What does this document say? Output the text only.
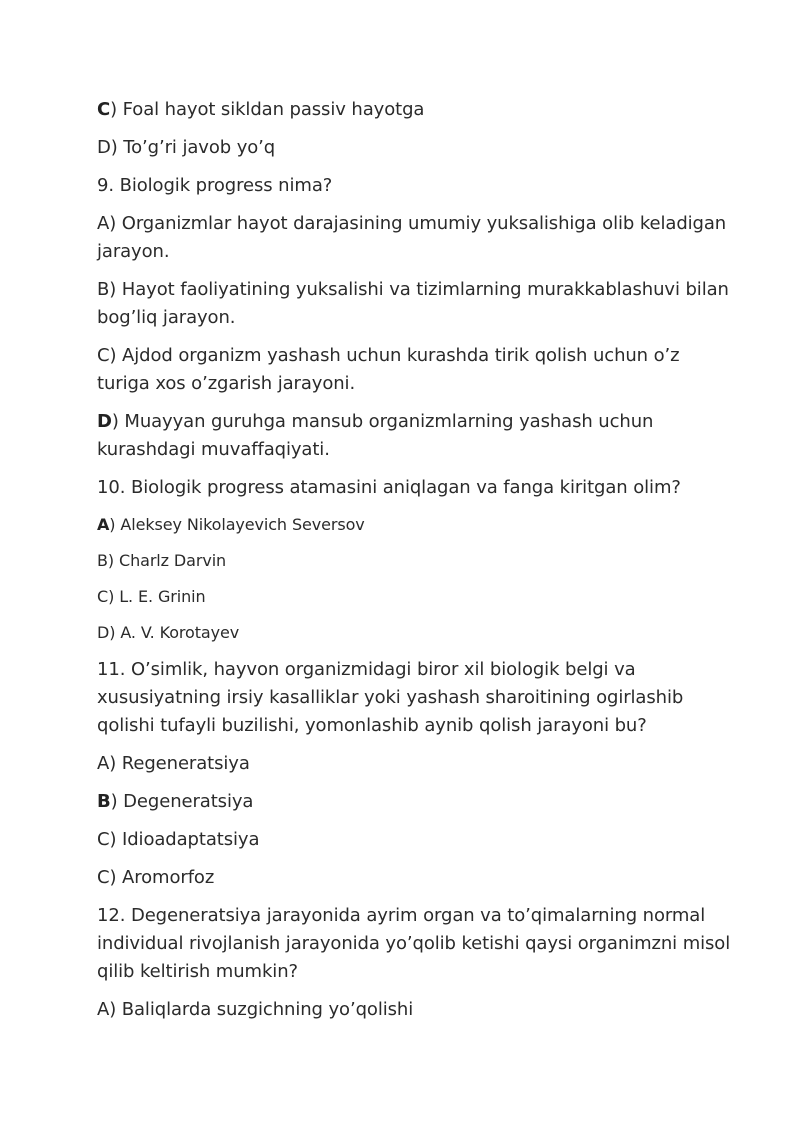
C) Foal hayot sikldan passiv hayotga

D) To’g’ri javob yo’q

9. Biologik progress nima?

A) Organizmlar hayot darajasining umumiy yuksalishiga olib keladigan jarayon.

B) Hayot faoliyatining yuksalishi va tizimlarning murakkablashuvi bilan bog’liq jarayon.

C) Ajdod organizm yashash uchun kurashda tirik qolish uchun o’z turiga xos o’zgarish jarayoni.

D) Muayyan guruhga mansub organizmlarning yashash uchun kurashdagi muvaffaqiyati.

10. Biologik progress atamasini aniqlagan va fanga kiritgan olim?

A) Aleksey Nikolayevich Seversov

B) Charlz Darvin

C) L. E. Grinin

D) A. V. Korotayev

11. O’simlik, hayvon organizmidagi biror xil biologik belgi va xususiyatning irsiy kasalliklar yoki yashash sharoitining ogirlashib qolishi tufayli buzilishi, yomonlashib aynib qolish jarayoni bu?

A) Regeneratsiya

B) Degeneratsiya

C) Idioadaptatsiya

C) Aromorfoz

12. Degeneratsiya jarayonida ayrim organ va to’qimalarning normal individual rivojlanish jarayonida yo’qolib ketishi qaysi organimzni misol qilib keltirish mumkin?

A) Baliqlarda suzgichning yo’qolishi
